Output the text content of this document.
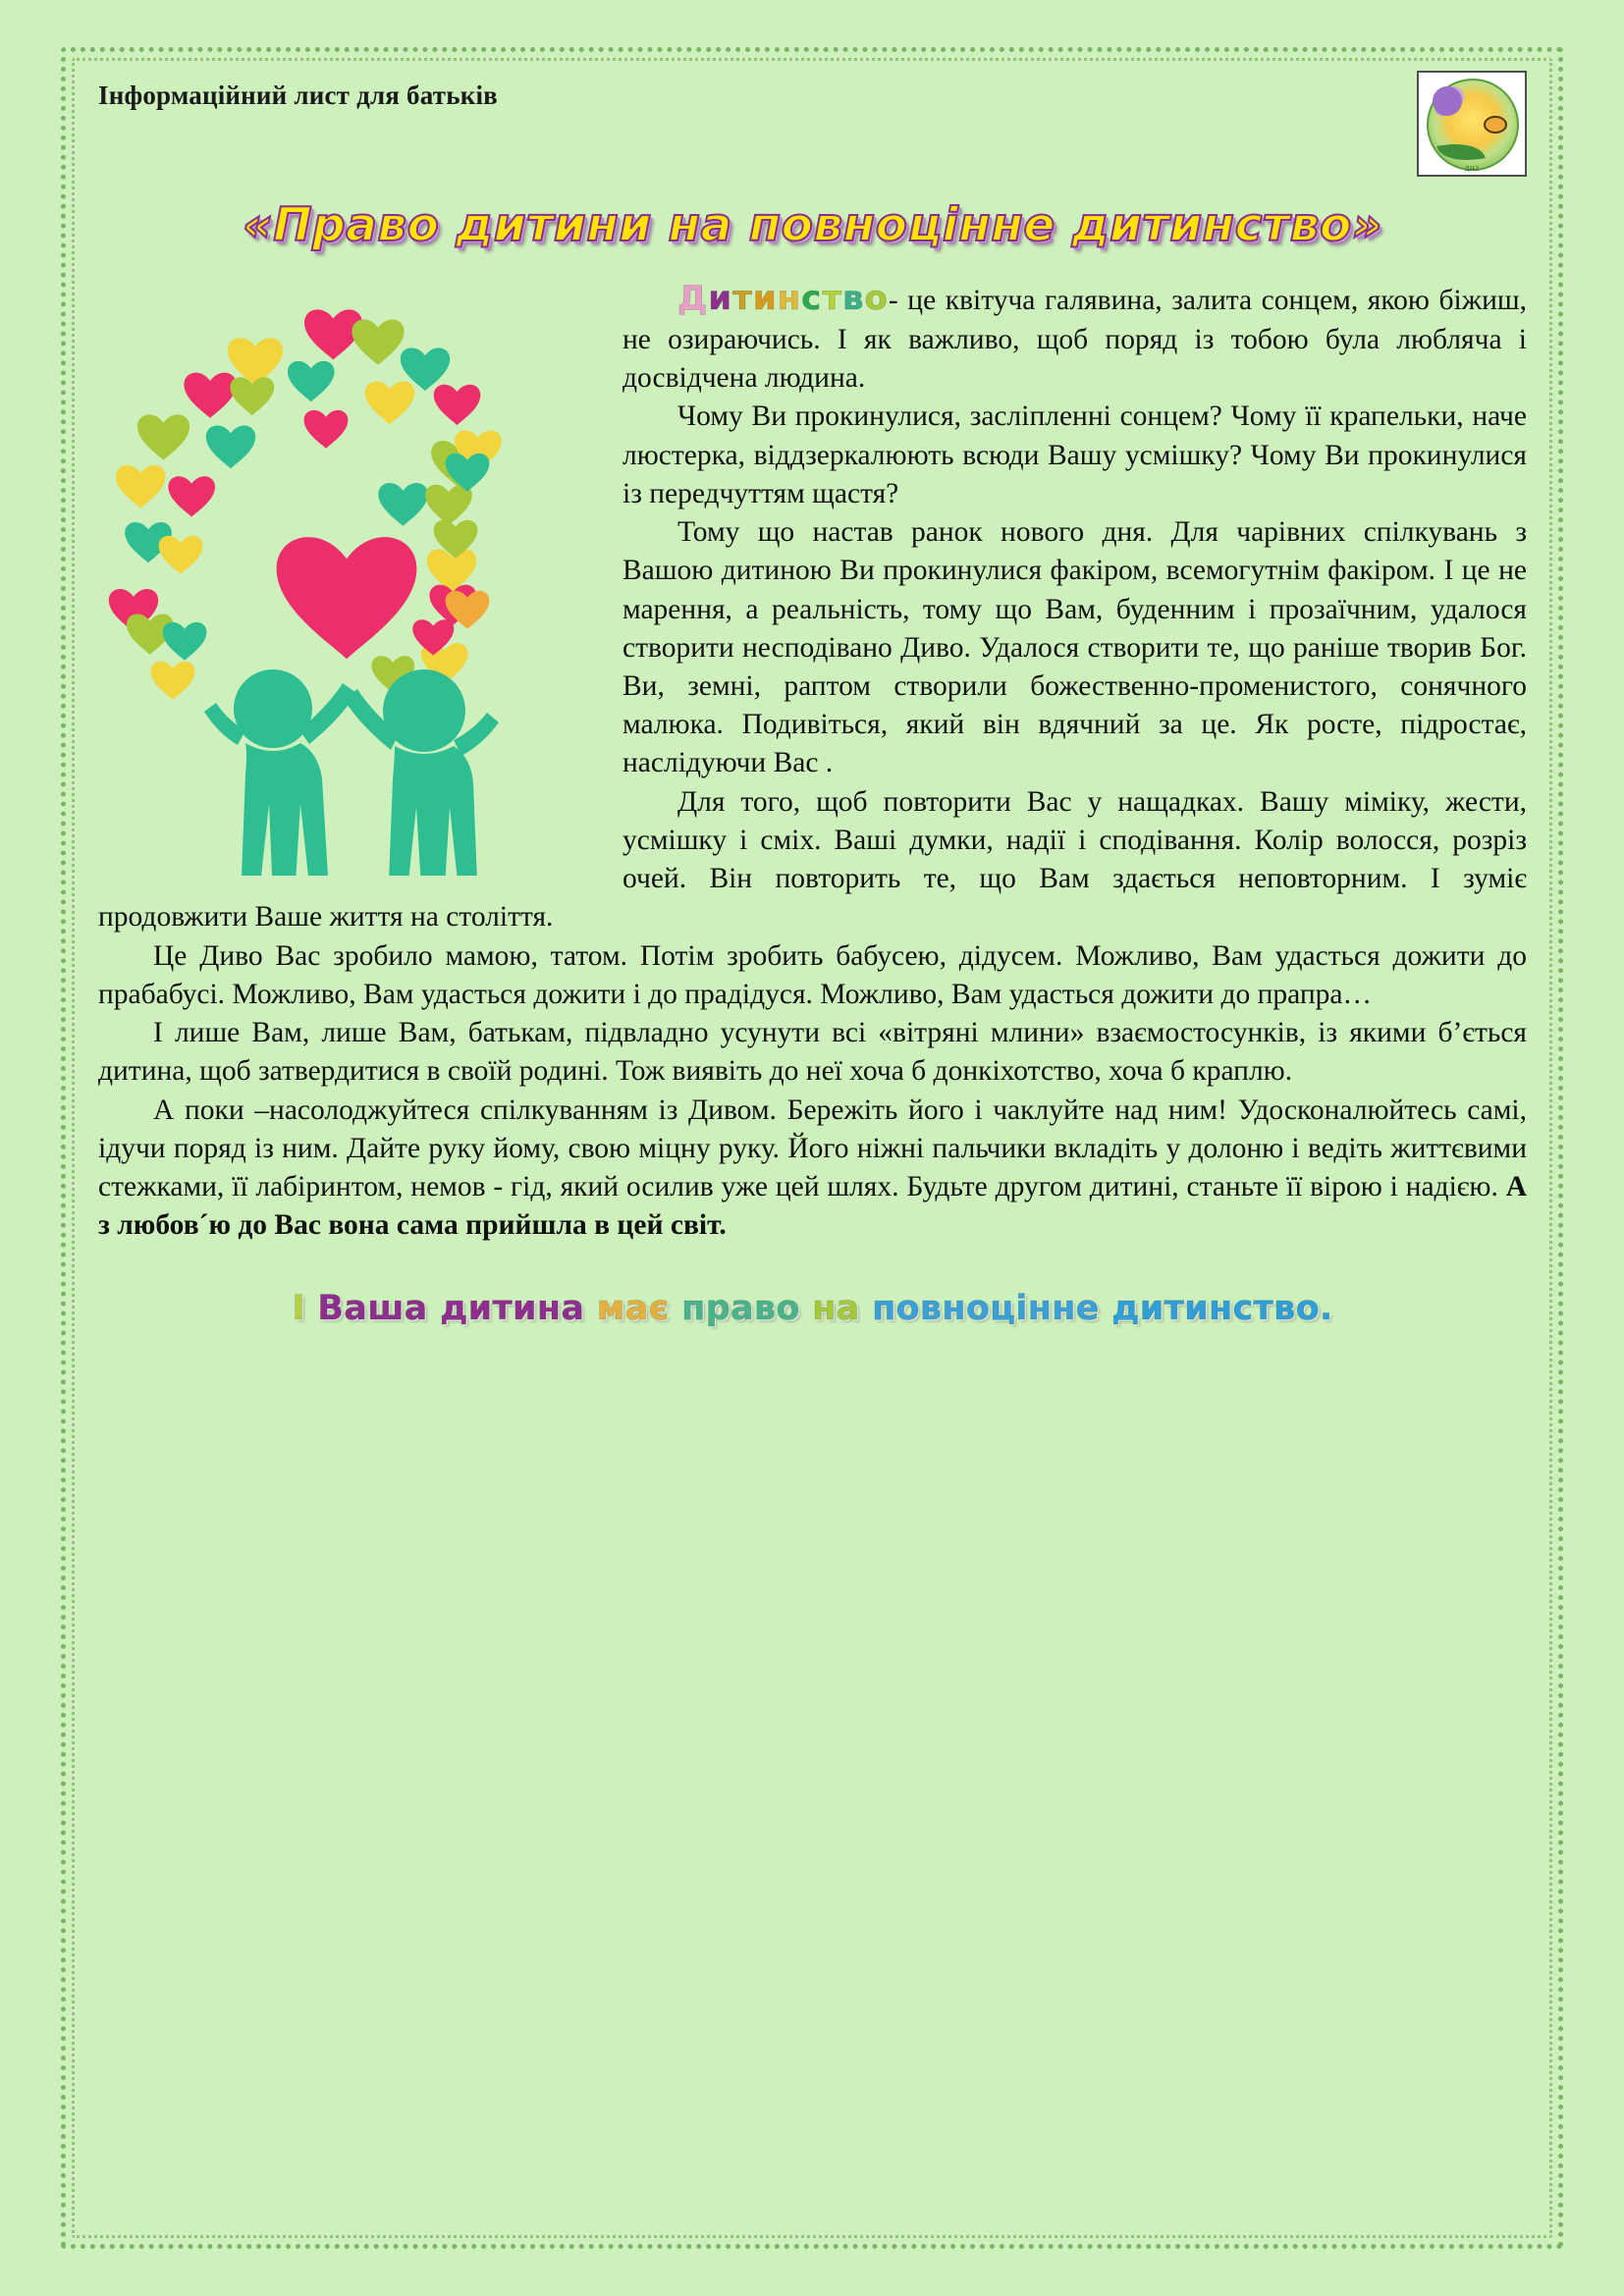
Інформаційний лист для батьків
ДНЗ
«Право дитини на повноцінне дитинство»

Дитинство- це квітуча галявина, залита сонцем, якою біжиш, не озираючись. І як важливо, щоб поряд із тобою була любляча і досвідчена людина.

Чому Ви прокинулися, засліпленні сонцем? Чому її крапельки, наче люстерка, віддзеркалюють всюди Вашу усмішку? Чому Ви прокинулися із передчуттям щастя?

Тому що настав ранок нового дня. Для чарівних спілкувань з Вашою дитиною Ви прокинулися факіром, всемогутнім факіром. І це не марення, а реальність, тому що Вам, буденним і прозаїчним, удалося створити несподівано Диво. Удалося створити те, що раніше творив Бог. Ви, земні, раптом створили божественно-променистого, сонячного малюка. Подивіться, який він вдячний за це. Як росте, підростає, наслідуючи Вас .

Для того, щоб повторити Вас у нащадках. Вашу міміку, жести, усмішку і сміх. Ваші думки, надії і сподівання. Колір волосся, розріз очей. Він повторить те, що Вам здається неповторним. І зуміє продовжити Ваше життя на століття.

Це Диво Вас зробило мамою, татом. Потім зробить бабусею, дідусем. Можливо, Вам удасться дожити до прабабусі. Можливо, Вам удасться дожити і до прадідуся. Можливо, Вам удасться дожити до прапра…

І лише Вам, лише Вам, батькам, підвладно усунути всі «вітряні млини» взаємостосунків, із якими б’ється дитина, щоб затвердитися в своїй родині. Тож виявіть до неї хоча б донкіхотство, хоча б краплю.

А поки –насолоджуйтеся спілкуванням із Дивом. Бережіть його і чаклуйте над ним! Удосконалюйтесь самі, ідучи поряд із ним. Дайте руку йому, свою міцну руку. Його ніжні пальчики вкладіть у долоню і ведіть життєвими стежками, її лабіринтом, немов - гід, який осилив уже цей шлях. Будьте другом дитині, станьте її вірою і надією. А з любов´ю до Вас вона сама прийшла в цей світ.

І Ваша дитина має право на повноцінне дитинство.
